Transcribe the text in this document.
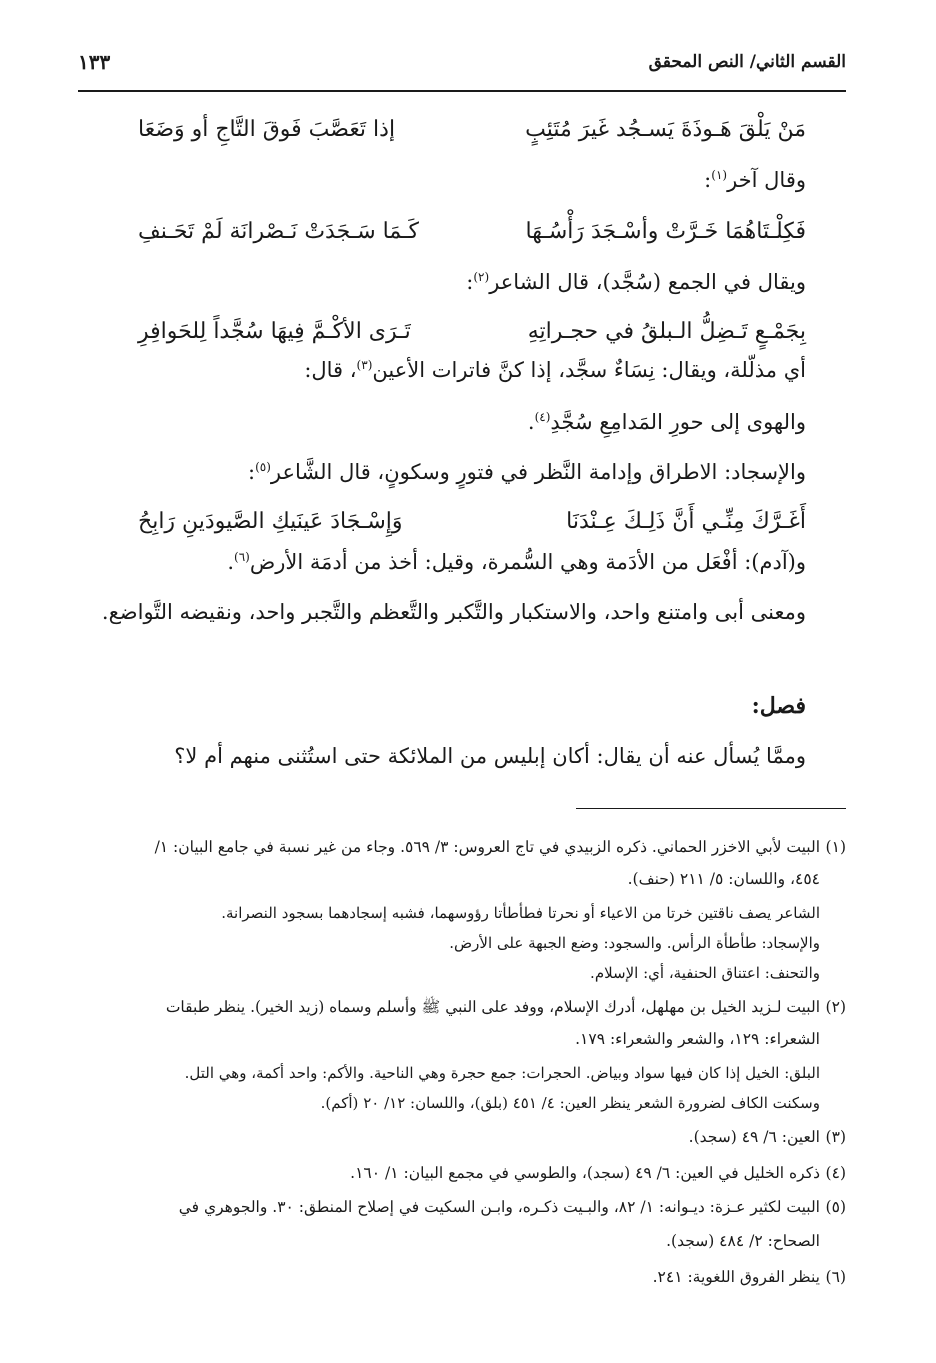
القسم الثاني/ النص المحقق
١٣٣
مَنْ يَلْقَ هَـوذَةَ يَسـجُد غَيرَ مُتَئِبٍ
إذا تَعَصَّبَ فَوقَ التَّاجِ أو وَضَعَا
وقال آخر$^{(١)}$:
فَكِلْـتَاهُمَا خَـرَّتْ وأسْـجَدَ رَأْسُـهَا
كَـمَا سَـجَدَتْ نَـصْرانَة لَمْ تَحَـنفِ
ويقال في الجمع (سُجَّد)، قال الشاعر$^{(٢)}$:
بِجَمْـعٍ تَـضِلُّ الـبلقُ في حجـراتِهِ
تَـرَى الأكْـمَّ فِيهَا سُجَّداً لِلحَوافِرِ
أي مذلّلة، ويقال: نِسَاءٌ سجَّد، إذا كنَّ فاترات الأعين$^{(٣)}$، قال:
والهوى إلى حورِ المَدامِعِ سُجَّدِ$^{(٤)}$.
والإسجاد: الاطراق وإدامة النَّظر في فتورٍ وسكونٍ، قال الشَّاعر$^{(٥)}$:
أَغَـرَّكَ مِنِّـي أَنَّ ذَلِـكَ عِـنْدَنَا
وَإِسْـجَادَ عَينَيكِ الصَّيودَينِ رَابِحُ
و(آدم): أفْعَل من الأدَمة وهي السُّمرة، وقيل: أخذ من أدمَة الأرض$^{(٦)}$.
ومعنى أبى وامتنع واحد، والاستكبار والتَّكبر والتَّعظم والتَّجبر واحد، ونقيضه التَّواضع.
فصل:
وممَّا يُسأل عنه أن يقال: أكان إبليس من الملائكة حتى استُثنى منهم أم لا؟
(١)البيت لأبي الاخزر الحماني. ذكره الزبيدي في تاج العروس: ٣/ ٥٦٩. وجاء من غير نسبة في جامع البيان: ١/
٤٥٤، واللسان: ٥/ ٢١١ (حنف).
الشاعر يصف ناقتين خرتا من الاعياء أو نحرتا فطأطأتا رؤوسهما، فشبه إسجادهما بسجود النصرانة.
والإسجاد: طأطأة الرأس. والسجود: وضع الجبهة على الأرض.
والتحنف: اعتناق الحنفية، أي: الإسلام.
(٢)البيت لـزيد الخيل بن مهلهل، أدرك الإسلام، ووفد على النبي ﷺ وأسلم وسماه (زيد الخير). ينظر طبقات
الشعراء: ١٢٩، والشعر والشعراء: ١٧٩.
البلق: الخيل إذا كان فيها سواد وبياض. الحجرات: جمع حجرة وهي الناحية. والأكم: واحد أكمة، وهي التل.
وسكنت الكاف لضرورة الشعر ينظر العين: ٤/ ٤٥١ (بلق)، واللسان: ١٢/ ٢٠ (أكم).
(٣)العين: ٦/ ٤٩ (سجد).
(٤)ذكره الخليل في العين: ٦/ ٤٩ (سجد)، والطوسي في مجمع البيان: ١/ ١٦٠.
(٥)البيت لكثير عـزة: ديـوانه: ١/ ٨٢، والبـيت ذكـره، وابـن السكيت في إصلاح المنطق: ٣٠. والجوهري في
الصحاح: ٢/ ٤٨٤ (سجد).
(٦)ينظر الفروق اللغوية: ٢٤١.
